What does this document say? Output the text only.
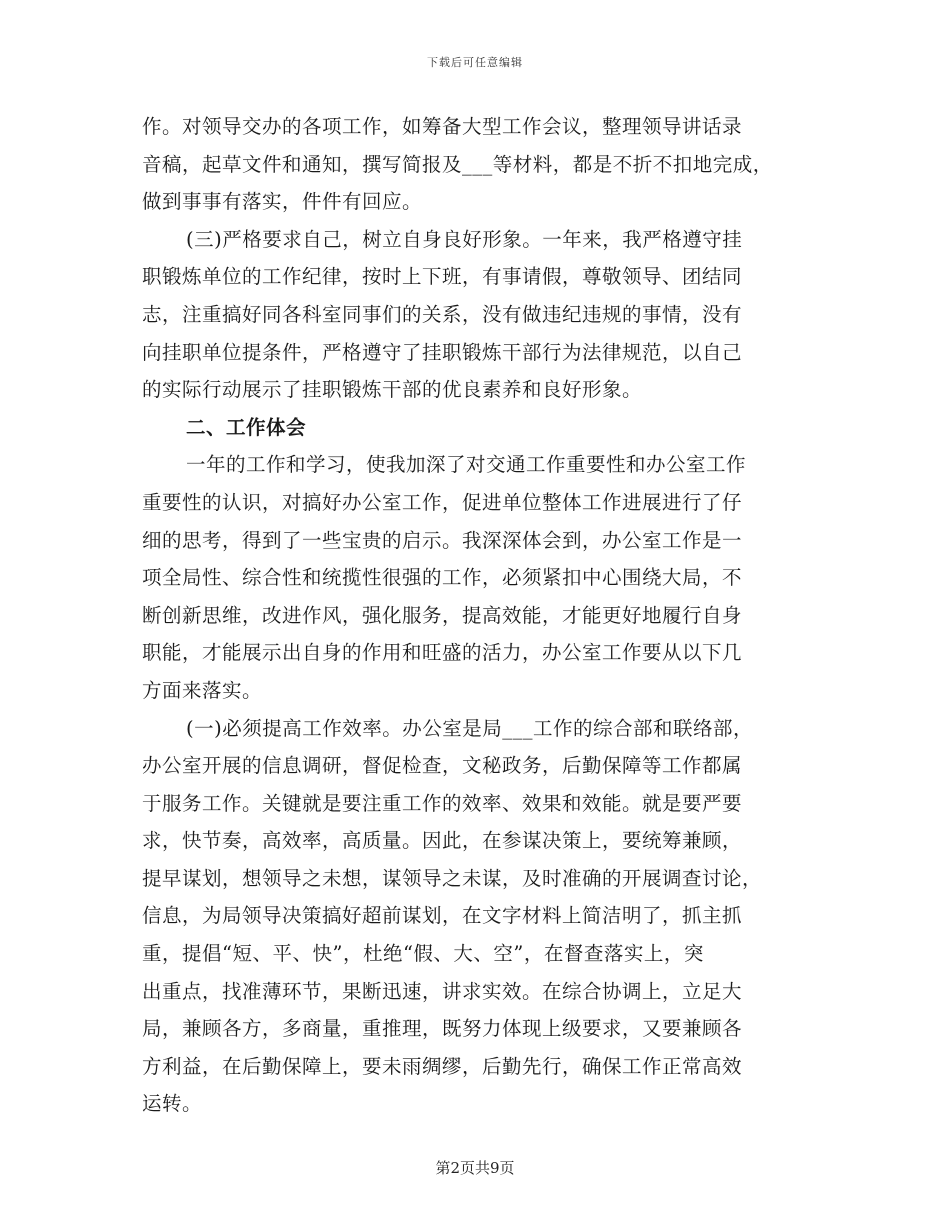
下载后可任意编辑
作。对领导交办的各项工作，如筹备大型工作会议，整理领导讲话录
音稿，起草文件和通知，撰写简报及___等材料，都是不折不扣地完成，
做到事事有落实，件件有回应。
(三)严格要求自己，树立自身良好形象。一年来，我严格遵守挂
职锻炼单位的工作纪律，按时上下班，有事请假，尊敬领导、团结同
志，注重搞好同各科室同事们的关系，没有做违纪违规的事情，没有
向挂职单位提条件，严格遵守了挂职锻炼干部行为法律规范，以自己
的实际行动展示了挂职锻炼干部的优良素养和良好形象。
二、工作体会
一年的工作和学习，使我加深了对交通工作重要性和办公室工作
重要性的认识，对搞好办公室工作，促进单位整体工作进展进行了仔
细的思考，得到了一些宝贵的启示。我深深体会到，办公室工作是一
项全局性、综合性和统揽性很强的工作，必须紧扣中心围绕大局，不
断创新思维，改进作风，强化服务，提高效能，才能更好地履行自身
职能，才能展示出自身的作用和旺盛的活力，办公室工作要从以下几
方面来落实。
(一)必须提高工作效率。办公室是局___工作的综合部和联络部，
办公室开展的信息调研，督促检查，文秘政务，后勤保障等工作都属
于服务工作。关键就是要注重工作的效率、效果和效能。就是要严要
求，快节奏，高效率，高质量。因此，在参谋决策上，要统筹兼顾，
提早谋划，想领导之未想，谋领导之未谋，及时准确的开展调查讨论，
信息，为局领导决策搞好超前谋划，在文字材料上简洁明了，抓主抓
重，提倡“短、平、快”，杜绝“假、大、空”，在督查落实上，突
出重点，找准薄环节，果断迅速，讲求实效。在综合协调上，立足大
局，兼顾各方，多商量，重推理，既努力体现上级要求，又要兼顾各
方利益，在后勤保障上，要未雨绸缪，后勤先行，确保工作正常高效
运转。
第2页共9页
